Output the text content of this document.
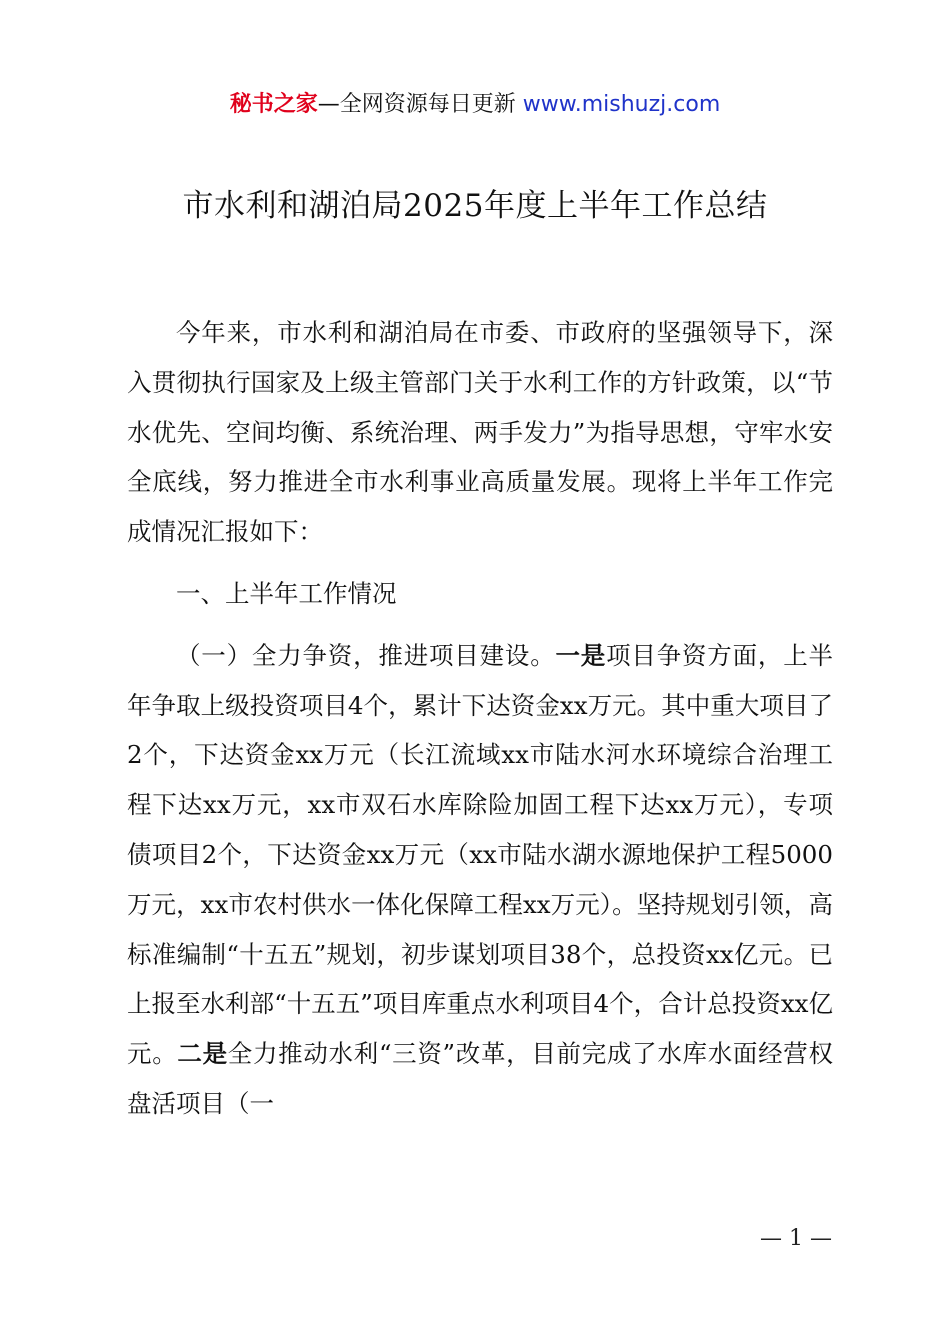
秘书之家—全网资源每日更新 www.mishuzj.com
市水利和湖泊局2025年度上半年工作总结

今年来，市水利和湖泊局在市委、市政府的坚强领导下，深入贯彻执行国家及上级主管部门关于水利工作的方针政策，以“节水优先、空间均衡、系统治理、两手发力”为指导思想，守牢水安全底线，努力推进全市水利事业高质量发展。现将上半年工作完成情况汇报如下：

一、上半年工作情况

（一）全力争资，推进项目建设。一是项目争资方面，上半年争取上级投资项目4个，累计下达资金xx万元。其中重大项目了2个，下达资金xx万元（长江流域xx市陆水河水环境综合治理工程下达xx万元，xx市双石水库除险加固工程下达xx万元），专项债项目2个，下达资金xx万元（xx市陆水湖水源地保护工程5000万元，xx市农村供水一体化保障工程xx万元）。坚持规划引领，高标准编制“十五五”规划，初步谋划项目38个，总投资xx亿元。已上报至水利部“十五五”项目库重点水利项目4个，合计总投资xx亿元。二是全力推动水利“三资”改革，目前完成了水库水面经营权盘活项目（一

— 1 —
